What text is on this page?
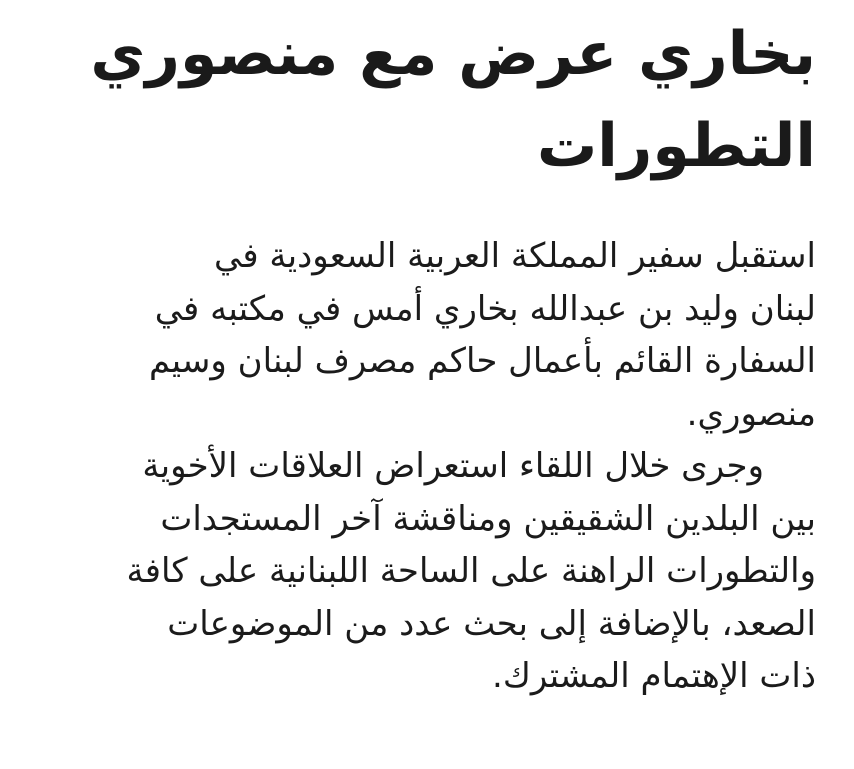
بخاري عرض مع منصوري
التطورات
استقبل سفير المملكة العربية السعودية في
لبنان وليد بن عبدالله بخاري أمس في مكتبه في
السفارة القائم بأعمال حاكم مصرف لبنان وسيم
منصوري.
وجرى خلال اللقاء استعراض العلاقات الأخوية
بين البلدين الشقيقين ومناقشة آخر المستجدات
والتطورات الراهنة على الساحة اللبنانية على كافة
الصعد، بالإضافة إلى بحث عدد من الموضوعات
ذات الإهتمام المشترك.
